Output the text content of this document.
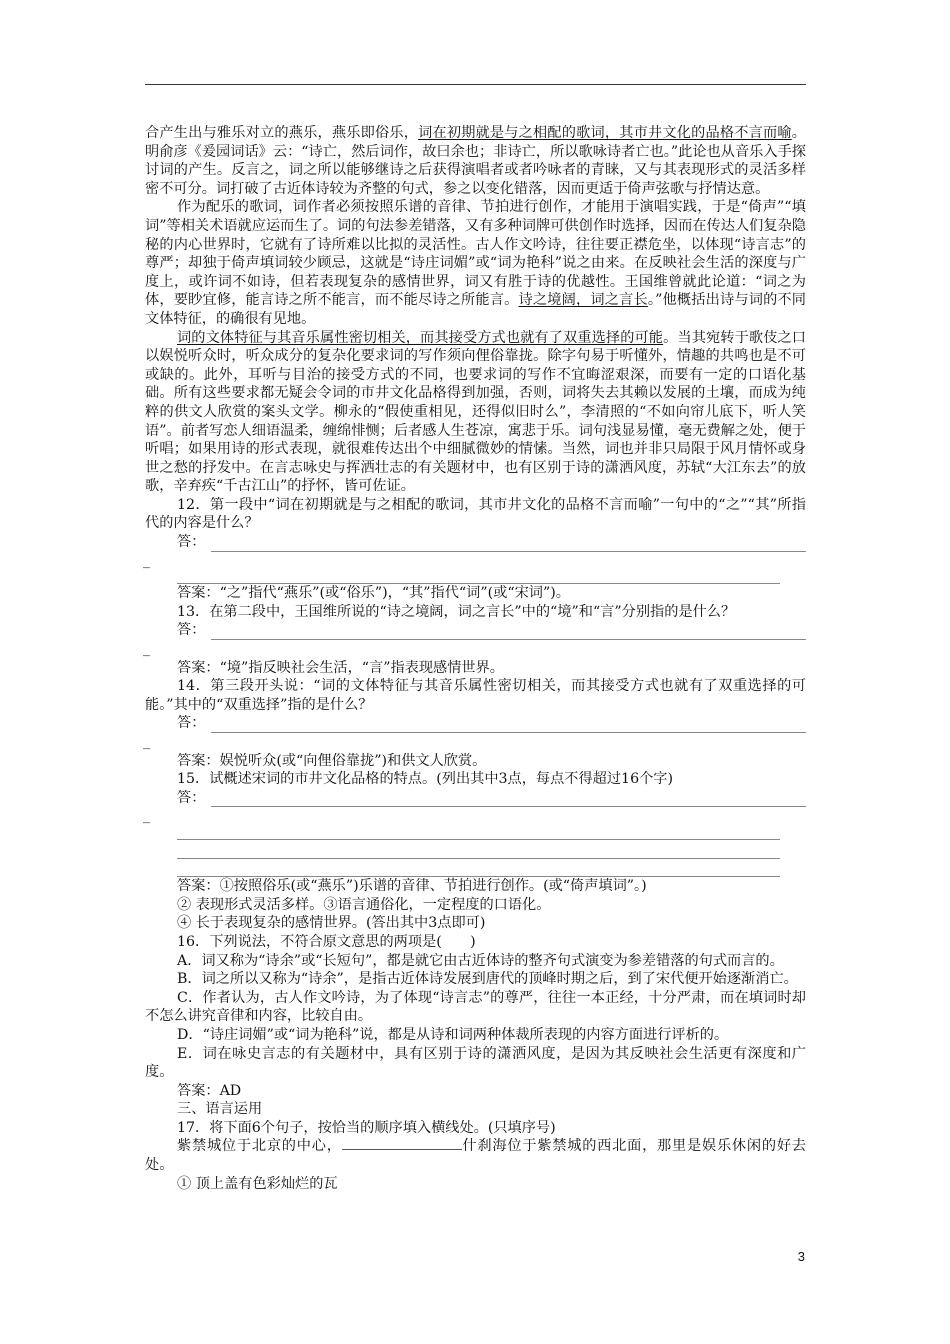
合产生出与雅乐对立的燕乐，燕乐即俗乐，词在初期就是与之相配的歌词，其市井文化的品格不言而喻。明俞彦《爰园词话》云：“诗亡，然后词作，故曰余也；非诗亡，所以歌咏诗者亡也。”此论也从音乐入手探讨词的产生。反言之，词之所以能够继诗之后获得演唱者或者吟咏者的青睐，又与其表现形式的灵活多样密不可分。词打破了古近体诗较为齐整的句式，参之以变化错落，因而更适于倚声弦歌与抒情达意。

作为配乐的歌词，词作者必须按照乐谱的音律、节拍进行创作，才能用于演唱实践，于是“倚声”“填词”等相关术语就应运而生了。词的句法参差错落，又有多种词牌可供创作时选择，因而在传达人们复杂隐秘的内心世界时，它就有了诗所难以比拟的灵活性。古人作文吟诗，往往要正襟危坐，以体现“诗言志”的尊严；却独于倚声填词较少顾忌，这就是“诗庄词媚”或“词为艳科”说之由来。在反映社会生活的深度与广度上，或许词不如诗，但若表现复杂的感情世界，词又有胜于诗的优越性。王国维曾就此论道：“词之为体，要眇宜修，能言诗之所不能言，而不能尽诗之所能言。诗之境阔，词之言长。”他概括出诗与词的不同文体特征，的确很有见地。

词的文体特征与其音乐属性密切相关，而其接受方式也就有了双重选择的可能。当其宛转于歌伎之口以娱悦听众时，听众成分的复杂化要求词的写作须向俚俗靠拢。除字句易于听懂外，情趣的共鸣也是不可或缺的。此外，耳听与目治的接受方式的不同，也要求词的写作不宜晦涩艰深，而要有一定的口语化基础。所有这些要求都无疑会令词的市井文化品格得到加强，否则，词将失去其赖以发展的土壤，而成为纯粹的供文人欣赏的案头文学。柳永的“假使重相见，还得似旧时么”，李清照的“不如向帘儿底下，听人笑语”。前者写恋人细语温柔，缠绵悱恻；后者感人生苍凉，寓悲于乐。词句浅显易懂，毫无费解之处，便于听唱；如果用诗的形式表现，就很难传达出个中细腻微妙的情愫。当然，词也并非只局限于风月情怀或身世之愁的抒发中。在言志咏史与挥洒壮志的有关题材中，也有区别于诗的潇洒风度，苏轼“大江东去”的放歌，辛弃疾“千古江山”的抒怀，皆可佐证。

12．第一段中“词在初期就是与之相配的歌词，其市井文化的品格不言而喻”一句中的“之”“其”所指代的内容是什么？

答：
_

答案：“之”指代“燕乐”(或“俗乐”)，“其”指代“词”(或“宋词”)。

13．在第二段中，王国维所说的“诗之境阔，词之言长”中的“境”和“言”分别指的是什么？

答：
_

答案：“境”指反映社会生活，“言”指表现感情世界。

14．第三段开头说：“词的文体特征与其音乐属性密切相关，而其接受方式也就有了双重选择的可能。”其中的“双重选择”指的是什么？

答：
_

答案：娱悦听众(或“向俚俗靠拢”)和供文人欣赏。

15．试概述宋词的市井文化品格的特点。(列出其中3点，每点不得超过16个字)

答：
_

答案：①按照俗乐(或“燕乐”)乐谱的音律、节拍进行创作。(或“倚声填词”。)

② 表现形式灵活多样。③语言通俗化，一定程度的口语化。

④ 长于表现复杂的感情世界。(答出其中3点即可)

16．下列说法，不符合原文意思的两项是(　　)

A．词又称为“诗余”或“长短句”，都是就它由古近体诗的整齐句式演变为参差错落的句式而言的。

B．词之所以又称为“诗余”，是指古近体诗发展到唐代的顶峰时期之后，到了宋代便开始逐渐消亡。

C．作者认为，古人作文吟诗，为了体现“诗言志”的尊严，往往一本正经，十分严肃，而在填词时却不怎么讲究音律和内容，比较自由。

D．“诗庄词媚”或“词为艳科”说，都是从诗和词两种体裁所表现的内容方面进行评析的。

E．词在咏史言志的有关题材中，具有区别于诗的潇洒风度，是因为其反映社会生活更有深度和广度。

答案：AD

三、语言运用

17．将下面6个句子，按恰当的顺序填入横线处。(只填序号)

紫禁城位于北京的中心，	什刹海位于紫禁城的西北面，那里是娱乐休闲的好去处。

① 顶上盖有色彩灿烂的瓦

3
